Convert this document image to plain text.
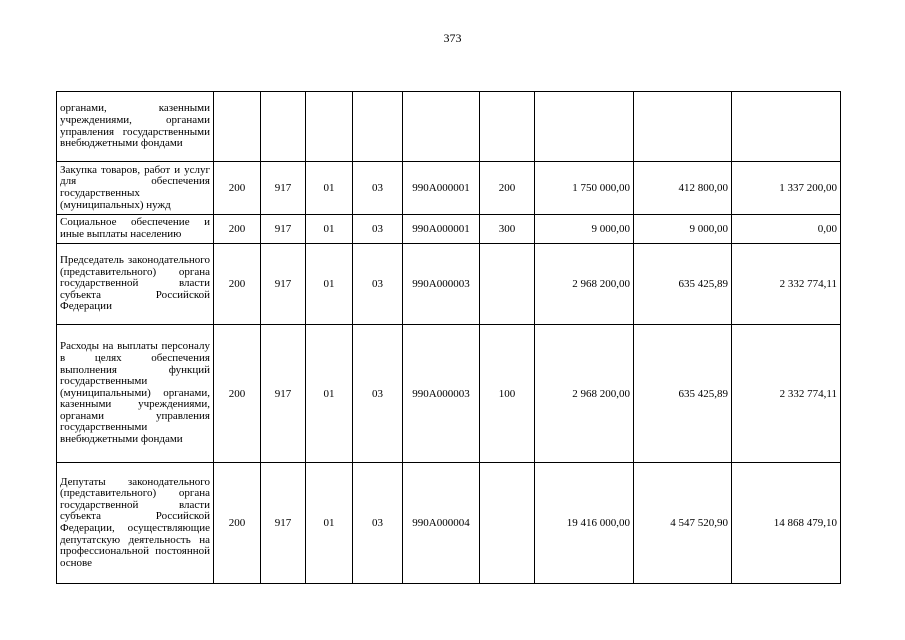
373
органами, казенными учреждениями, органами управления государственными внебюджетными фондами									
Закупка товаров, работ и услуг для обеспечения государственных (муниципальных) нужд	200	917	01	03	990А000001	200	1 750 000,00	412 800,00	1 337 200,00
Социальное обеспечение и иные выплаты населению	200	917	01	03	990А000001	300	9 000,00	9 000,00	0,00
Председатель законодательного (представительного) органа государственной власти субъекта Российской Федерации	200	917	01	03	990А000003		2 968 200,00	635 425,89	2 332 774,11
Расходы на выплаты персоналу в целях обеспечения выполнения функций государственными (муниципальными) органами, казенными учреждениями, органами управления государственными внебюджетными фондами	200	917	01	03	990А000003	100	2 968 200,00	635 425,89	2 332 774,11
Депутаты законодательного (представительного) органа государственной власти субъекта Российской Федерации, осуществляющие депутатскую деятельность на профессиональной постоянной основе	200	917	01	03	990А000004		19 416 000,00	4 547 520,90	14 868 479,10
